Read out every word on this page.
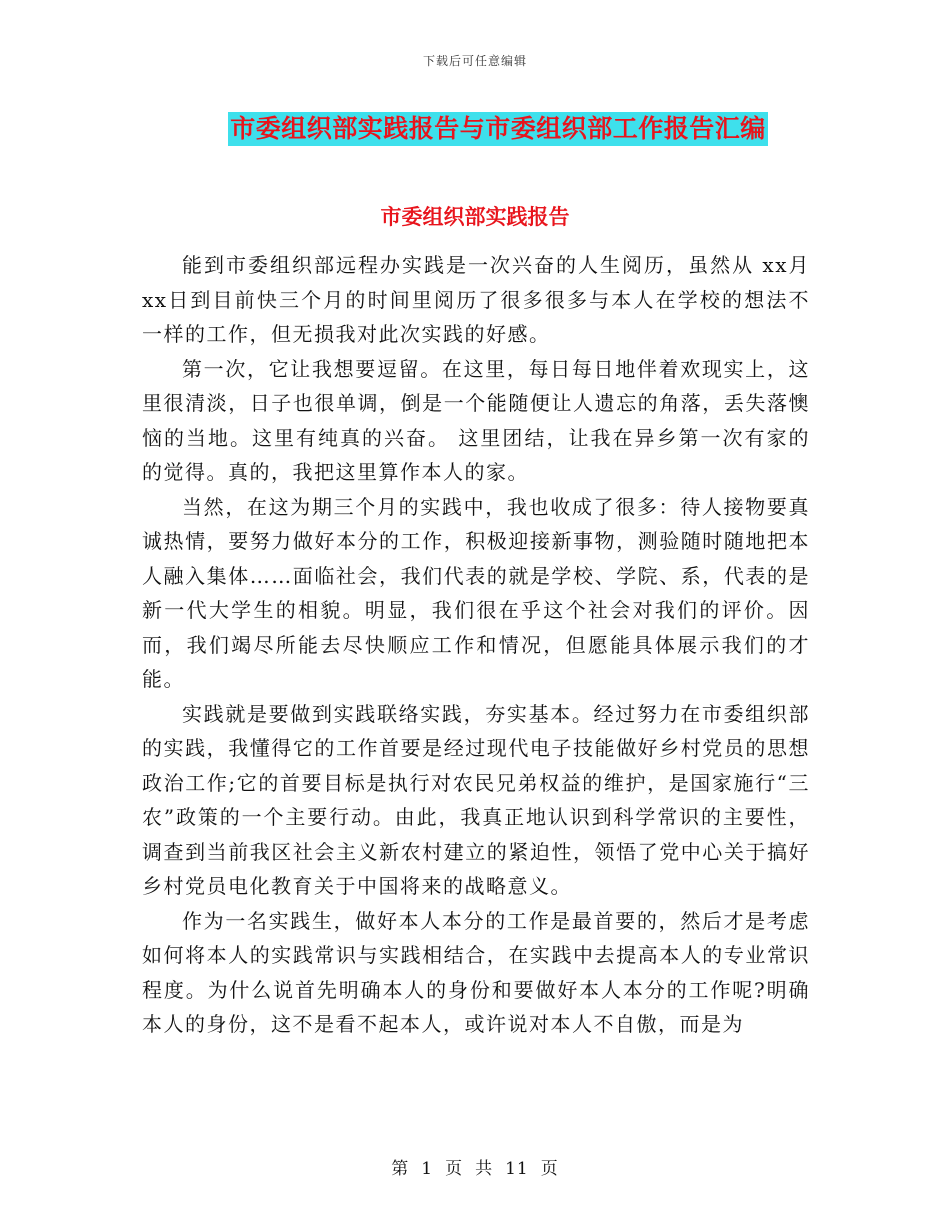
下载后可任意编辑
市委组织部实践报告与市委组织部工作报告汇编
市委组织部实践报告

能到市委组织部远程办实践是一次兴奋的人生阅历，虽然从 xx月xx日到目前快三个月的时间里阅历了很多很多与本人在学校的想法不一样的工作，但无损我对此次实践的好感。

第一次，它让我想要逗留。在这里，每日每日地伴着欢现实上，这里很清淡，日子也很单调，倒是一个能随便让人遗忘的角落，丢失落懊恼的当地。这里有纯真的兴奋。 这里团结，让我在异乡第一次有家的的觉得。真的，我把这里算作本人的家。

当然，在这为期三个月的实践中，我也收成了很多：待人接物要真诚热情，要努力做好本分的工作，积极迎接新事物，测验随时随地把本人融入集体……面临社会，我们代表的就是学校、学院、系，代表的是新一代大学生的相貌。明显，我们很在乎这个社会对我们的评价。因而，我们竭尽所能去尽快顺应工作和情况，但愿能具体展示我们的才能。

实践就是要做到实践联络实践，夯实基本。经过努力在市委组织部的实践，我懂得它的工作首要是经过现代电子技能做好乡村党员的思想政治工作;它的首要目标是执行对农民兄弟权益的维护，是国家施行“三农”政策的一个主要行动。由此，我真正地认识到科学常识的主要性，调查到当前我区社会主义新农村建立的紧迫性，领悟了党中心关于搞好乡村党员电化教育关于中国将来的战略意义。

作为一名实践生，做好本人本分的工作是最首要的，然后才是考虑如何将本人的实践常识与实践相结合，在实践中去提高本人的专业常识程度。为什么说首先明确本人的身份和要做好本人本分的工作呢?明确本人的身份，这不是看不起本人，或许说对本人不自傲，而是为

第 1 页 共 11 页
